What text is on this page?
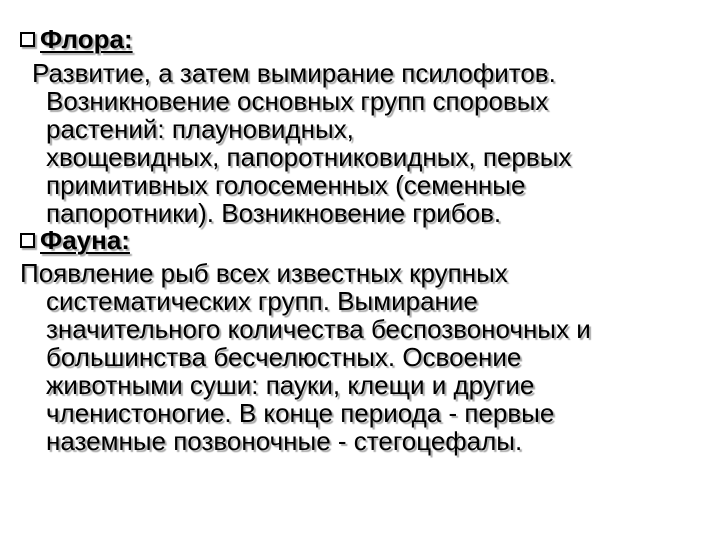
Флора:
Развитие, а затем вымирание псилофитов.
Возникновение основных групп споровых
растений: плауновидных,
хвощевидных, папоротниковидных, первых
примитивных голосеменных (семенные
папоротники). Возникновение грибов.
Фауна:
Появление рыб всех известных крупных
систематических групп. Вымирание
значительного количества беспозвоночных и
большинства бесчелюстных. Освоение
животными суши: пауки, клещи и другие
членистоногие. В конце периода - первые
наземные позвоночные - стегоцефалы.
